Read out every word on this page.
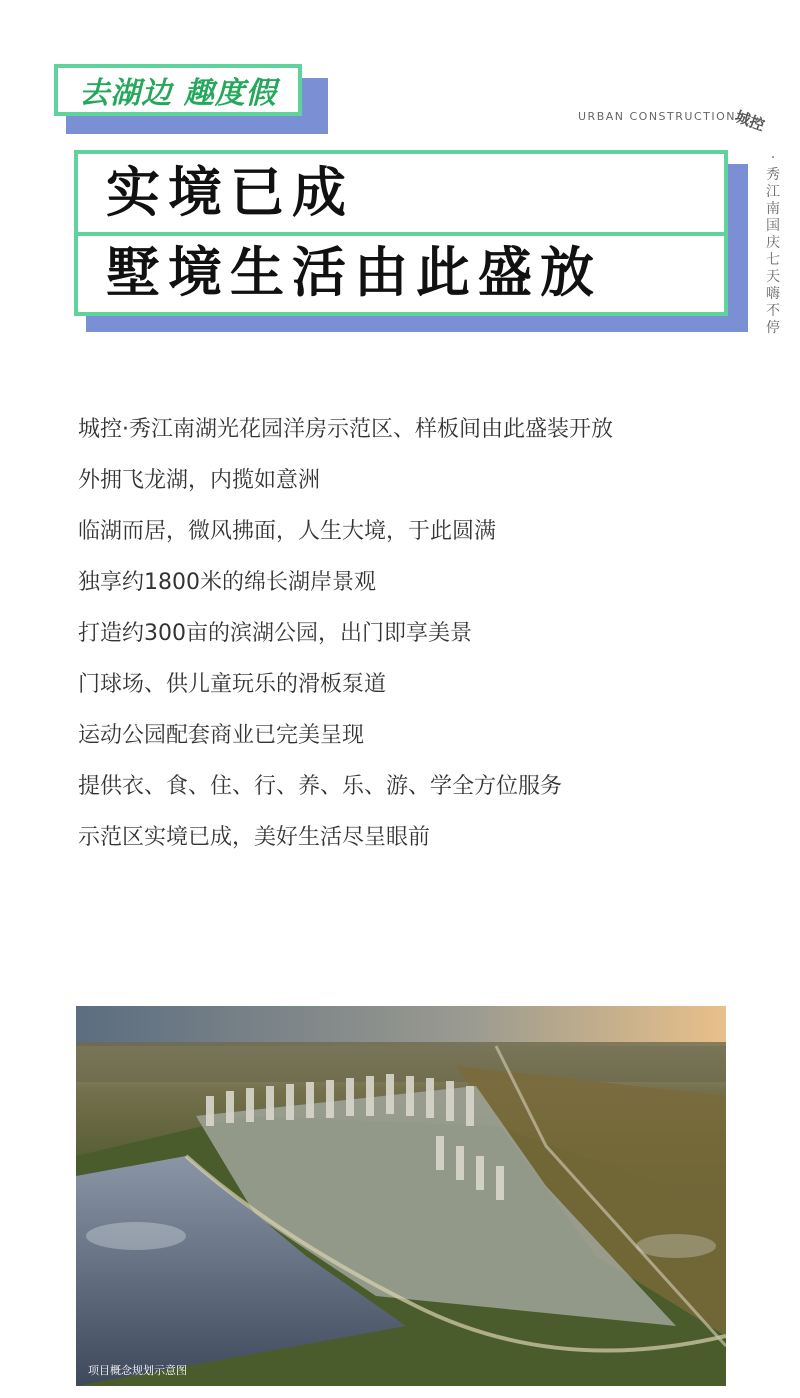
去湖边 趣度假
URBAN CONSTRUCTION
城控
·秀江南 国庆七天嗨不停
实境已成
墅境生活由此盛放
城控·秀江南湖光花园洋房示范区、样板间由此盛装开放
外拥飞龙湖，内揽如意洲
临湖而居，微风拂面，人生大境，于此圆满
独享约1800米的绵长湖岸景观
打造约300亩的滨湖公园，出门即享美景
门球场、供儿童玩乐的滑板泵道
运动公园配套商业已完美呈现
提供衣、食、住、行、养、乐、游、学全方位服务
示范区实境已成，美好生活尽呈眼前
项目概念规划示意图
